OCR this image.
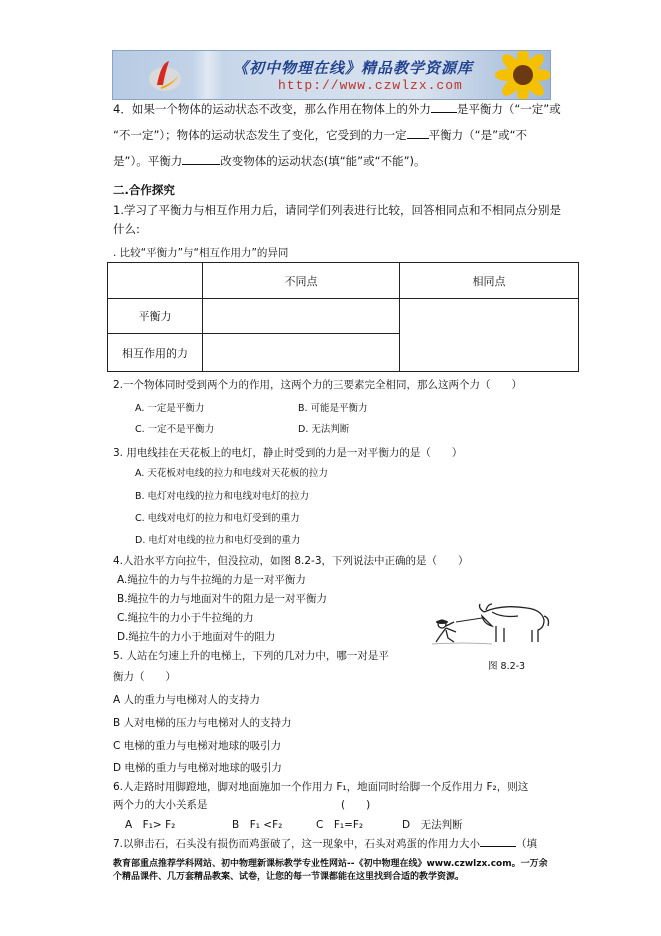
《初中物理在线》精品教学资源库
http://www.czwlzx.com
4．如果一个物体的运动状态不改变，那么作用在物体上的外力 是平衡力（“一定”或
“不一定”）；物体的运动状态发生了变化，它受到的力一定 平衡力（“是”或“不
是”）。平衡力	改变物体的运动状态(填“能”或“不能”)。
二.合作探究
1.学习了平衡力与相互作用力后，请同学们列表进行比较，回答相同点和不相同点分别是
什么:
. 比较“平衡力”与“相互作用力”的异同
	不同点	相同点
平衡力		
相互作用的力		
2.一个物体同时受到两个力的作用，这两个力的三要素完全相同，那么这两个力（　　）
A. 一定是平衡力	B. 可能是平衡力
C. 一定不是平衡力	D. 无法判断
3. 用电线挂在天花板上的电灯，静止时受到的力是一对平衡力的是（　　）
A. 天花板对电线的拉力和电线对天花板的拉力
B. 电灯对电线的拉力和电线对电灯的拉力
C. 电线对电灯的拉力和电灯受到的重力
D. 电灯对电线的拉力和电灯受到的重力
4.人沿水平方向拉牛，但没拉动，如图 8.2-3，下列说法中正确的是（　　）
A.绳拉牛的力与牛拉绳的力是一对平衡力
B.绳拉牛的力与地面对牛的阻力是一对平衡力
C.绳拉牛的力小于牛拉绳的力
D.绳拉牛的力小于地面对牛的阻力
图 8.2-3
5. 人站在匀速上升的电梯上，下列的几对力中，哪一对是平
衡力（　　）
A 人的重力与电梯对人的支持力
B 人对电梯的压力与电梯对人的支持力
C 电梯的重力与电梯对地球的吸引力
D 电梯的重力与电梯对地球的吸引力
6.人走路时用脚蹬地，脚对地面施加一个作用力 F₁，地面同时给脚一个反作用力 F₂，则这
两个力的大小关系是	(　　)
A　F₁> F₂	B　F₁ <F₂	C　F₁=F₂	D　无法判断
7.以卵击石，石头没有损伤而鸡蛋破了，这一现象中，石头对鸡蛋的作用力大小	（填
教育部重点推荐学科网站、初中物理新课标教学专业性网站--《初中物理在线》www.czwlzx.com。一万余
个精品课件、几万套精品教案、试卷，让您的每一节课都能在这里找到合适的教学资源。
